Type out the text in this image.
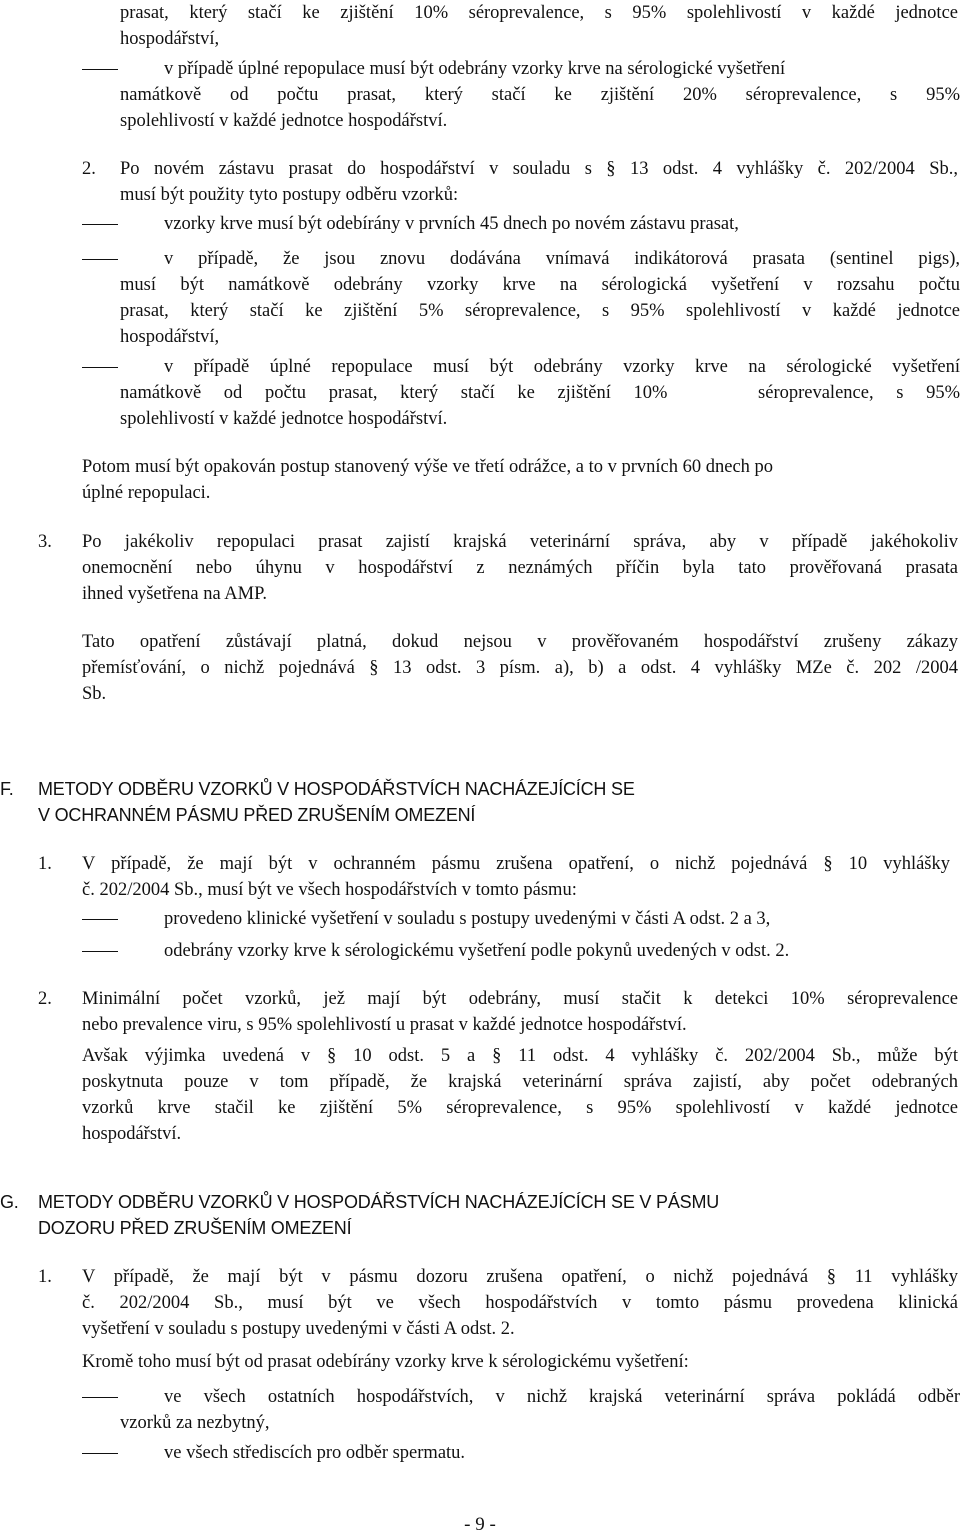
prasat, který stačí ke zjištění 10% séroprevalence, s 95% spolehlivostí v každé jednotce
hospodářství,
v případě úplné repopulace musí být odebrány vzorky krve na sérologické vyšetření
namátkově od počtu prasat, který stačí ke zjištění 20% séroprevalence, s 95%
spolehlivostí v každé jednotce hospodářství.
2. Po novém zástavu prasat do hospodářství v souladu s § 13 odst. 4 vyhlášky č. 202/2004 Sb.,
musí být použity tyto postupy odběru vzorků:
vzorky krve musí být odebírány v prvních 45 dnech po novém zástavu prasat,
v případě, že jsou znovu dodávána vnímavá indikátorová prasata (sentinel pigs),
musí být namátkově odebrány vzorky krve na sérologická vyšetření v rozsahu počtu
prasat, který stačí ke zjištění 5% séroprevalence, s 95% spolehlivostí v každé jednotce
hospodářství,
v případě úplné repopulace musí být odebrány vzorky krve na sérologické vyšetření
namátkově od počtu prasat, který stačí ke zjištění 10%    séroprevalence, s 95%
spolehlivostí v každé jednotce hospodářství.
Potom musí být opakován postup stanovený výše ve třetí odrážce, a to v prvních 60 dnech po
úplné repopulaci.
3. Po jakékoliv repopulaci prasat zajistí krajská veterinární správa, aby v případě jakéhokoliv
onemocnění nebo úhynu v hospodářství z neznámých příčin byla tato prověřovaná prasata
ihned vyšetřena na AMP.
Tato opatření zůstávají platná, dokud nejsou v prověřovaném hospodářství zrušeny zákazy
přemísťování, o nichž pojednává § 13 odst. 3 písm. a), b) a odst. 4 vyhlášky MZe č. 202 /2004
Sb.
F. METODY ODBĚRU VZORKŮ V HOSPODÁŘSTVÍCH NACHÁZEJÍCÍCH SE
V OCHRANNÉM PÁSMU PŘED ZRUŠENÍM OMEZENÍ
1. V případě, že mají být v ochranném pásmu zrušena opatření, o nichž pojednává § 10 vyhlášky
č. 202/2004 Sb., musí být ve všech hospodářstvích v tomto pásmu:
provedeno klinické vyšetření v souladu s postupy uvedenými v části A odst. 2 a 3,
odebrány vzorky krve k sérologickému vyšetření podle pokynů uvedených v odst. 2.
2. Minimální počet vzorků, jež mají být odebrány, musí stačit k detekci 10% séroprevalence
nebo prevalence viru, s 95% spolehlivostí u prasat v každé jednotce hospodářství.
Avšak výjimka uvedená v § 10 odst. 5 a § 11 odst. 4 vyhlášky č. 202/2004 Sb., může být
poskytnuta pouze v tom případě, že krajská veterinární správa zajistí, aby počet odebraných
vzorků krve stačil ke zjištění 5% séroprevalence, s 95% spolehlivostí v každé jednotce
hospodářství.
G. METODY ODBĚRU VZORKŮ V HOSPODÁŘSTVÍCH NACHÁZEJÍCÍCH SE V PÁSMU
DOZORU PŘED ZRUŠENÍM OMEZENÍ
1. V případě, že mají být v pásmu dozoru zrušena opatření, o nichž pojednává § 11 vyhlášky
č. 202/2004 Sb., musí být ve všech hospodářstvích v tomto pásmu provedena klinická
vyšetření v souladu s postupy uvedenými v části A odst. 2.
Kromě toho musí být od prasat odebírány vzorky krve k sérologickému vyšetření:
ve všech ostatních hospodářstvích, v nichž krajská veterinární správa pokládá odběr
vzorků za nezbytný,
ve všech střediscích pro odběr spermatu.
- 9 -
